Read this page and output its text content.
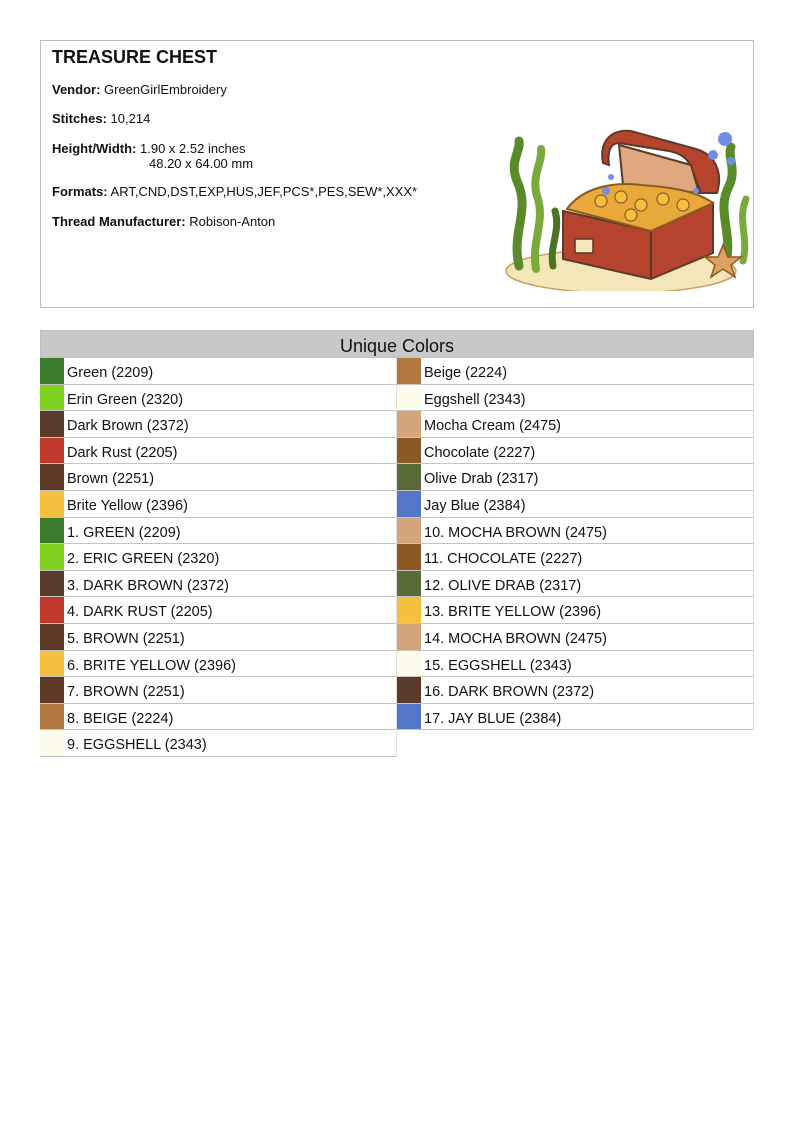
TREASURE CHEST
Vendor: GreenGirlEmbroidery
Stitches: 10,214
Height/Width: 1.90 x 2.52 inches
48.20 x 64.00 mm
Formats: ART,CND,DST,EXP,HUS,JEF,PCS*,PES,SEW*,XXX*
Thread Manufacturer: Robison-Anton
Unique Colors
Green (2209)
Erin Green (2320)
Dark Brown (2372)
Dark Rust (2205)
Brown (2251)
Brite Yellow (2396)
1. GREEN (2209)
2. ERIC GREEN (2320)
3. DARK BROWN (2372)
4. DARK RUST (2205)
5. BROWN (2251)
6. BRITE YELLOW (2396)
7. BROWN (2251)
8. BEIGE (2224)
9. EGGSHELL (2343)
Beige (2224)
Eggshell (2343)
Mocha Cream (2475)
Chocolate (2227)
Olive Drab (2317)
Jay Blue (2384)
10. MOCHA BROWN (2475)
11. CHOCOLATE (2227)
12. OLIVE DRAB (2317)
13. BRITE YELLOW (2396)
14. MOCHA BROWN (2475)
15. EGGSHELL (2343)
16. DARK BROWN (2372)
17. JAY BLUE (2384)
